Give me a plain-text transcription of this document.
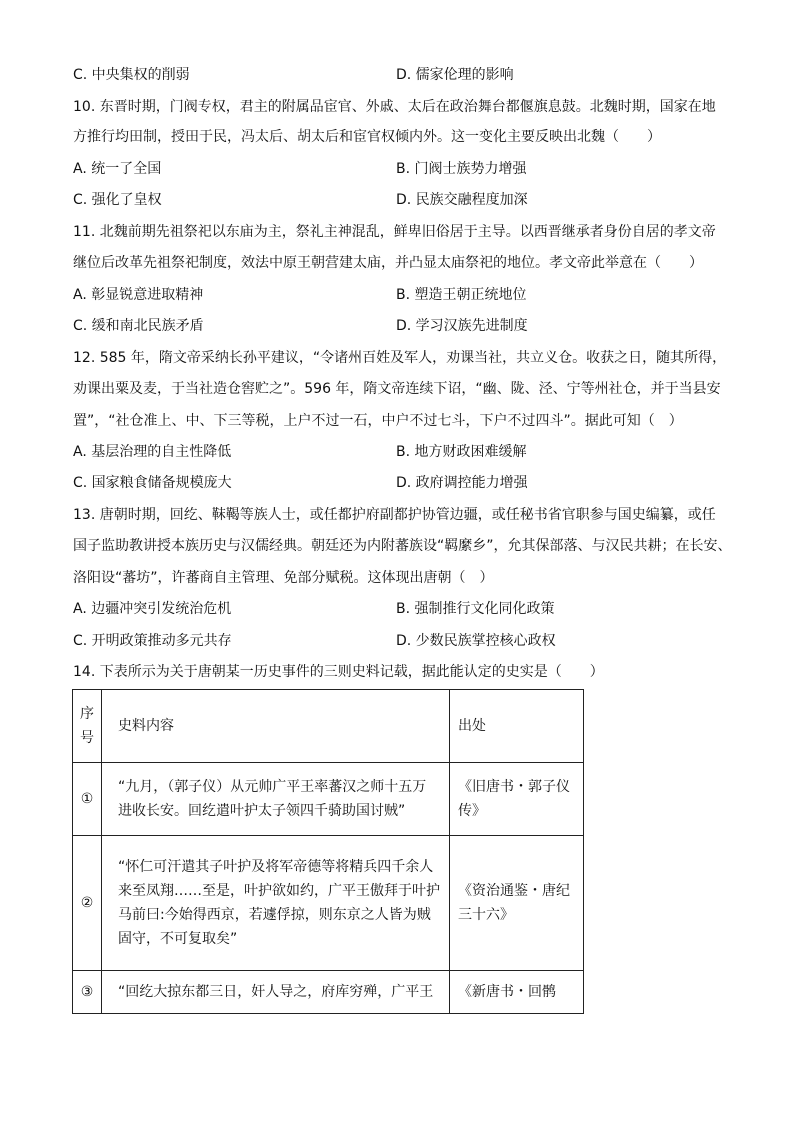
C. 中央集权的削弱	D. 儒家伦理的影响
10. 东晋时期，门阀专权，君主的附属品宦官、外戚、太后在政治舞台都偃旗息鼓。北魏时期，国家在地
方推行均田制，授田于民，冯太后、胡太后和宦官权倾内外。这一变化主要反映出北魏（　　）
A. 统一了全国	B. 门阀士族势力增强
C. 强化了皇权	D. 民族交融程度加深
11. 北魏前期先祖祭祀以东庙为主，祭礼主神混乱，鲜卑旧俗居于主导。以西晋继承者身份自居的孝文帝
继位后改革先祖祭祀制度，效法中原王朝营建太庙，并凸显太庙祭祀的地位。孝文帝此举意在（　　）
A. 彰显锐意进取精神	B. 塑造王朝正统地位
C. 缓和南北民族矛盾	D. 学习汉族先进制度
12. 585 年，隋文帝采纳长孙平建议，“令诸州百姓及军人，劝课当社，共立义仓。收获之日，随其所得，
劝课出粟及麦，于当社造仓窖贮之”。596 年，隋文帝连续下诏，“幽、陇、泾、宁等州社仓，并于当县安
置”，“社仓准上、中、下三等税，上户不过一石，中户不过七斗，下户不过四斗”。据此可知（　）
A. 基层治理的自主性降低	B. 地方财政困难缓解
C. 国家粮食储备规模庞大	D. 政府调控能力增强
13. 唐朝时期，回纥、靺鞨等族人士，或任都护府副都护协管边疆，或任秘书省官职参与国史编纂，或任
国子监助教讲授本族历史与汉儒经典。朝廷还为内附蕃族设“羁縻乡”，允其保部落、与汉民共耕；在长安、
洛阳设“蕃坊”，许蕃商自主管理、免部分赋税。这体现出唐朝（　）
A. 边疆冲突引发统治危机	B. 强制推行文化同化政策
C. 开明政策推动多元共存	D. 少数民族掌控核心政权
14. 下表所示为关于唐朝某一历史事件的三则史料记载，据此能认定的史实是（　　）
序
号	史料内容	出处
①	“九月，（郭子仪）从元帅广平王率蕃汉之师十五万
进收长安。回纥遣叶护太子领四千骑助国讨贼”	《旧唐书・郭子仪
传》
②	“怀仁可汗遣其子叶护及将军帝德等将精兵四千余人
来至凤翔……至是，叶护欲如约，广平王傲拜于叶护
马前曰:今始得西京，若遽俘掠，则东京之人皆为贼
固守，不可复取矣”	《资治通鉴・唐纪
三十六》
③	“回纥大掠东都三日，奸人导之，府库穷殚，广平王	《新唐书・回鹘
